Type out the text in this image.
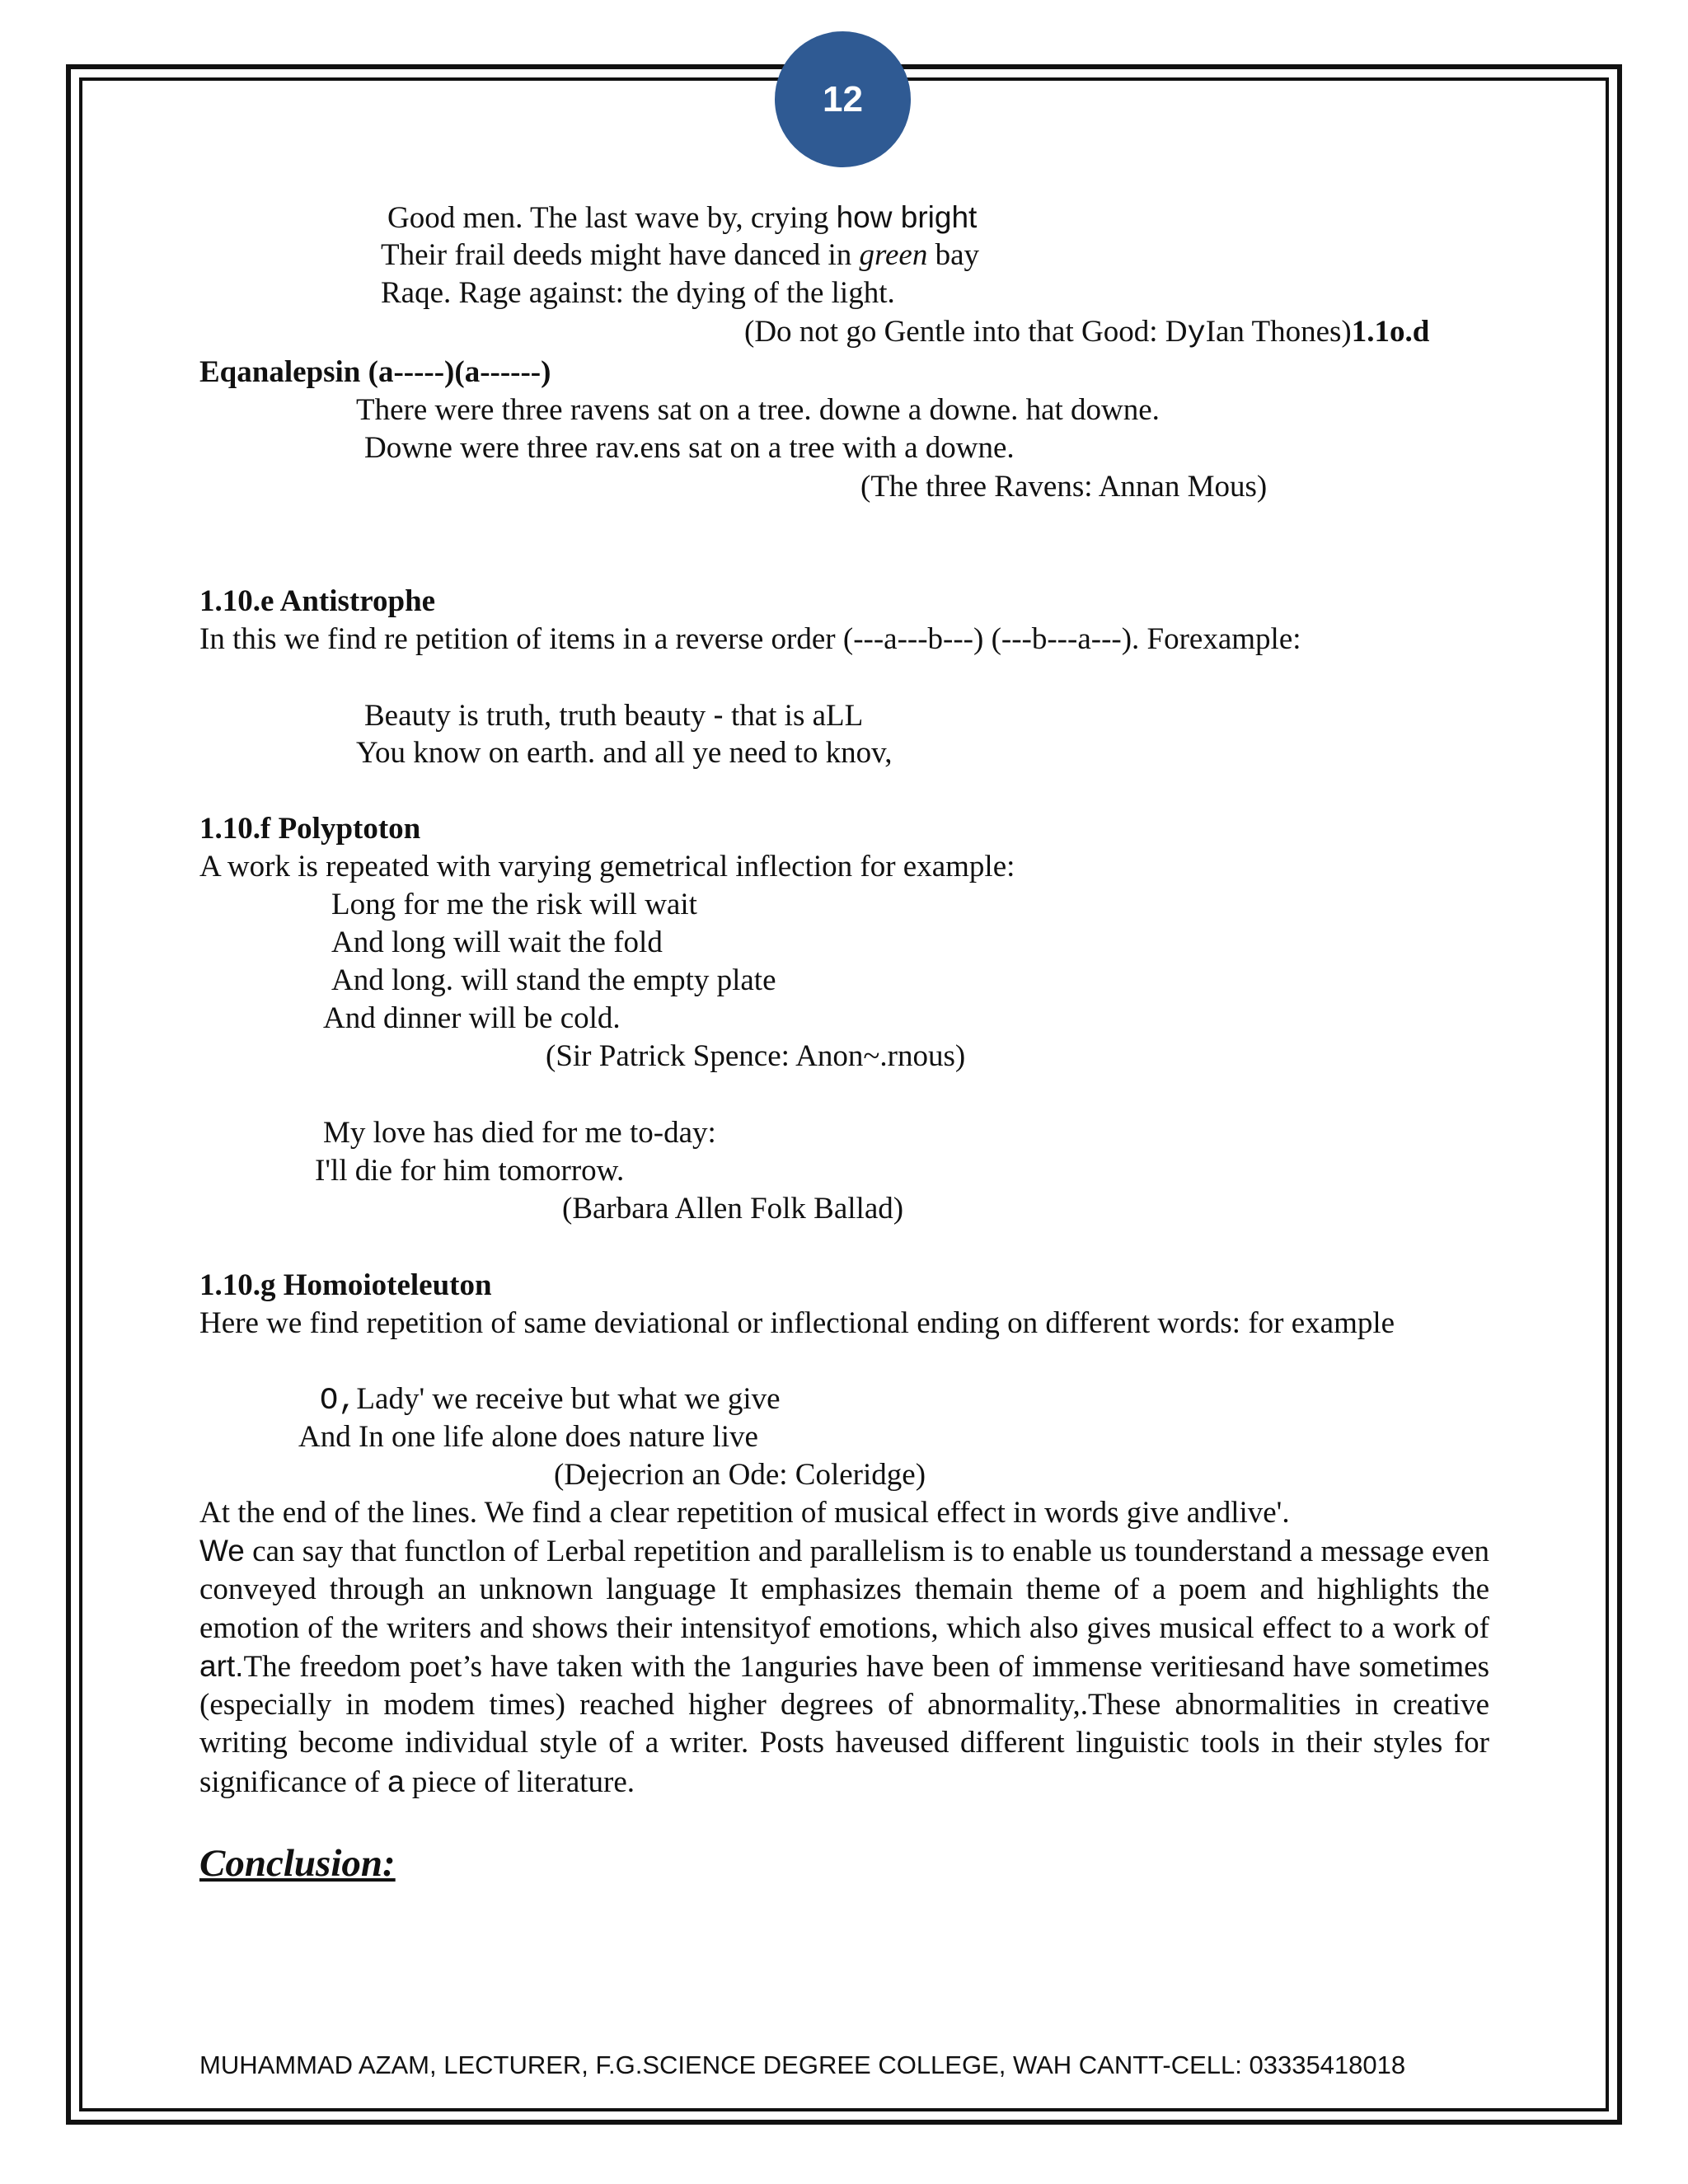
12
Good men. The last wave by, crying how bright
Their frail deeds might have danced in green bay
Raqe. Rage against: the dying of the light.
(Do not go Gentle into that Good: DyIan Thones)1.1o.d
Eqanalepsin (a-----)(a------)
There were three ravens sat on a tree. downe a downe. hat downe.
Downe were three rav.ens sat on a tree with a downe.
(The three Ravens: Annan Mous)
1.10.e Antistrophe
In this we find re petition of items in a reverse order (---a---b---) (---b---a---). Forexample:
Beauty is truth, truth beauty - that is aLL
You know on earth. and all ye need to knov,
1.10.f Polyptoton
A work is repeated with varying gemetrical inflection for example:
Long for me the risk will wait
And long will wait the fold
And long. will stand the empty plate
And dinner will be cold.
(Sir Patrick Spence: Anon~.rnous)
My love has died for me to-day:
I'll die for him tomorrow.
(Barbara Allen Folk Ballad)
1.10.g Homoioteleuton
Here we find repetition of same deviational or inflectional ending on different words: for example
O,Lady' we receive but what we give
And In one life alone does nature live
(Dejecrion an Ode: Coleridge)
At the end of the lines. We find a clear repetition of musical effect in words give andlive'.
We can say that functlon of Lerbal repetition and parallelism is to enable us tounderstand a message even conveyed through an unknown language It emphasizes themain theme of a poem and highlights the emotion of the writers and shows their intensityof emotions, which also gives musical effect to a work of art.The freedom poet’s have taken with the 1anguries have been of immense veritiesand have sometimes (especially in modem times) reached higher degrees of abnormality,.These abnormalities in creative writing become individual style of a writer. Posts haveused different linguistic tools in their styles for significance of a piece of literature.
Conclusion:
MUHAMMAD AZAM, LECTURER, F.G.SCIENCE DEGREE COLLEGE, WAH CANTT-CELL: 03335418018
